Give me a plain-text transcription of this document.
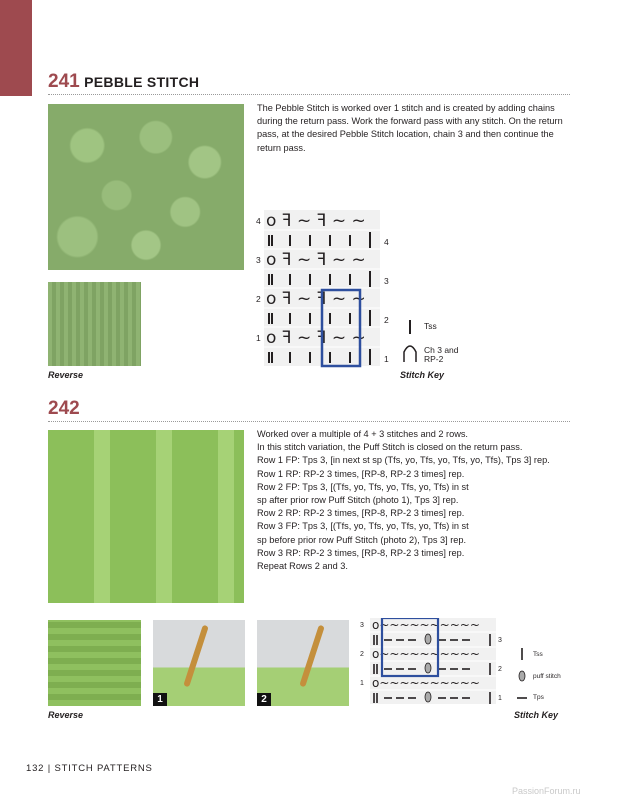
241 PEBBLE STITCH
Reverse

The Pebble Stitch is worked over 1 stitch and is created by adding chains during the return pass. Work the forward pass with any stitch. On the return pass, at the desired Pebble Stitch location, chain 3 and then continue the return pass.

o ꟻ ~ ꟻ ~ ~
o ꟻ ~ ꟻ ~ ~
o ꟻ ~ ꟻ ~ ~
o ꟻ ~ ꟻ ~ ~
4
3
2
1
4
3
2
1
Tss
Ch 3 and RP-2
Stitch Key
242

Worked over a multiple of 4 + 3 stitches and 2 rows.

In this stitch variation, the Puff Stitch is closed on the return pass.

Row 1 FP: Tps 3, [in next st sp (Tfs, yo, Tfs, yo, Tfs, yo, Tfs), Tps 3] rep.

Row 1 RP: RP-2 3 times, [RP-8, RP-2 3 times] rep.

Row 2 FP: Tps 3, [(Tfs, yo, Tfs, yo, Tfs, yo, Tfs) in st sp after prior row Puff Stitch (photo 1), Tps 3] rep.

Row 2 RP: RP-2 3 times, [RP-8, RP-2 3 times] rep.

Row 3 FP: Tps 3, [(Tfs, yo, Tfs, yo, Tfs, yo, Tfs) in st sp before prior row Puff Stitch (photo 2), Tps 3] rep.

Row 3 RP: RP-2 3 times, [RP-8, RP-2 3 times] rep.

Repeat Rows 2 and 3.

Reverse
1	2
o~~~~~~~~~~
o~~~~~~~~~~
o~~~~~~~~~~
3
2
1
3
2
1
Tss
puff stitch
Tps
Stitch Key
132 | STITCH PATTERNS
PassionForum.ru
